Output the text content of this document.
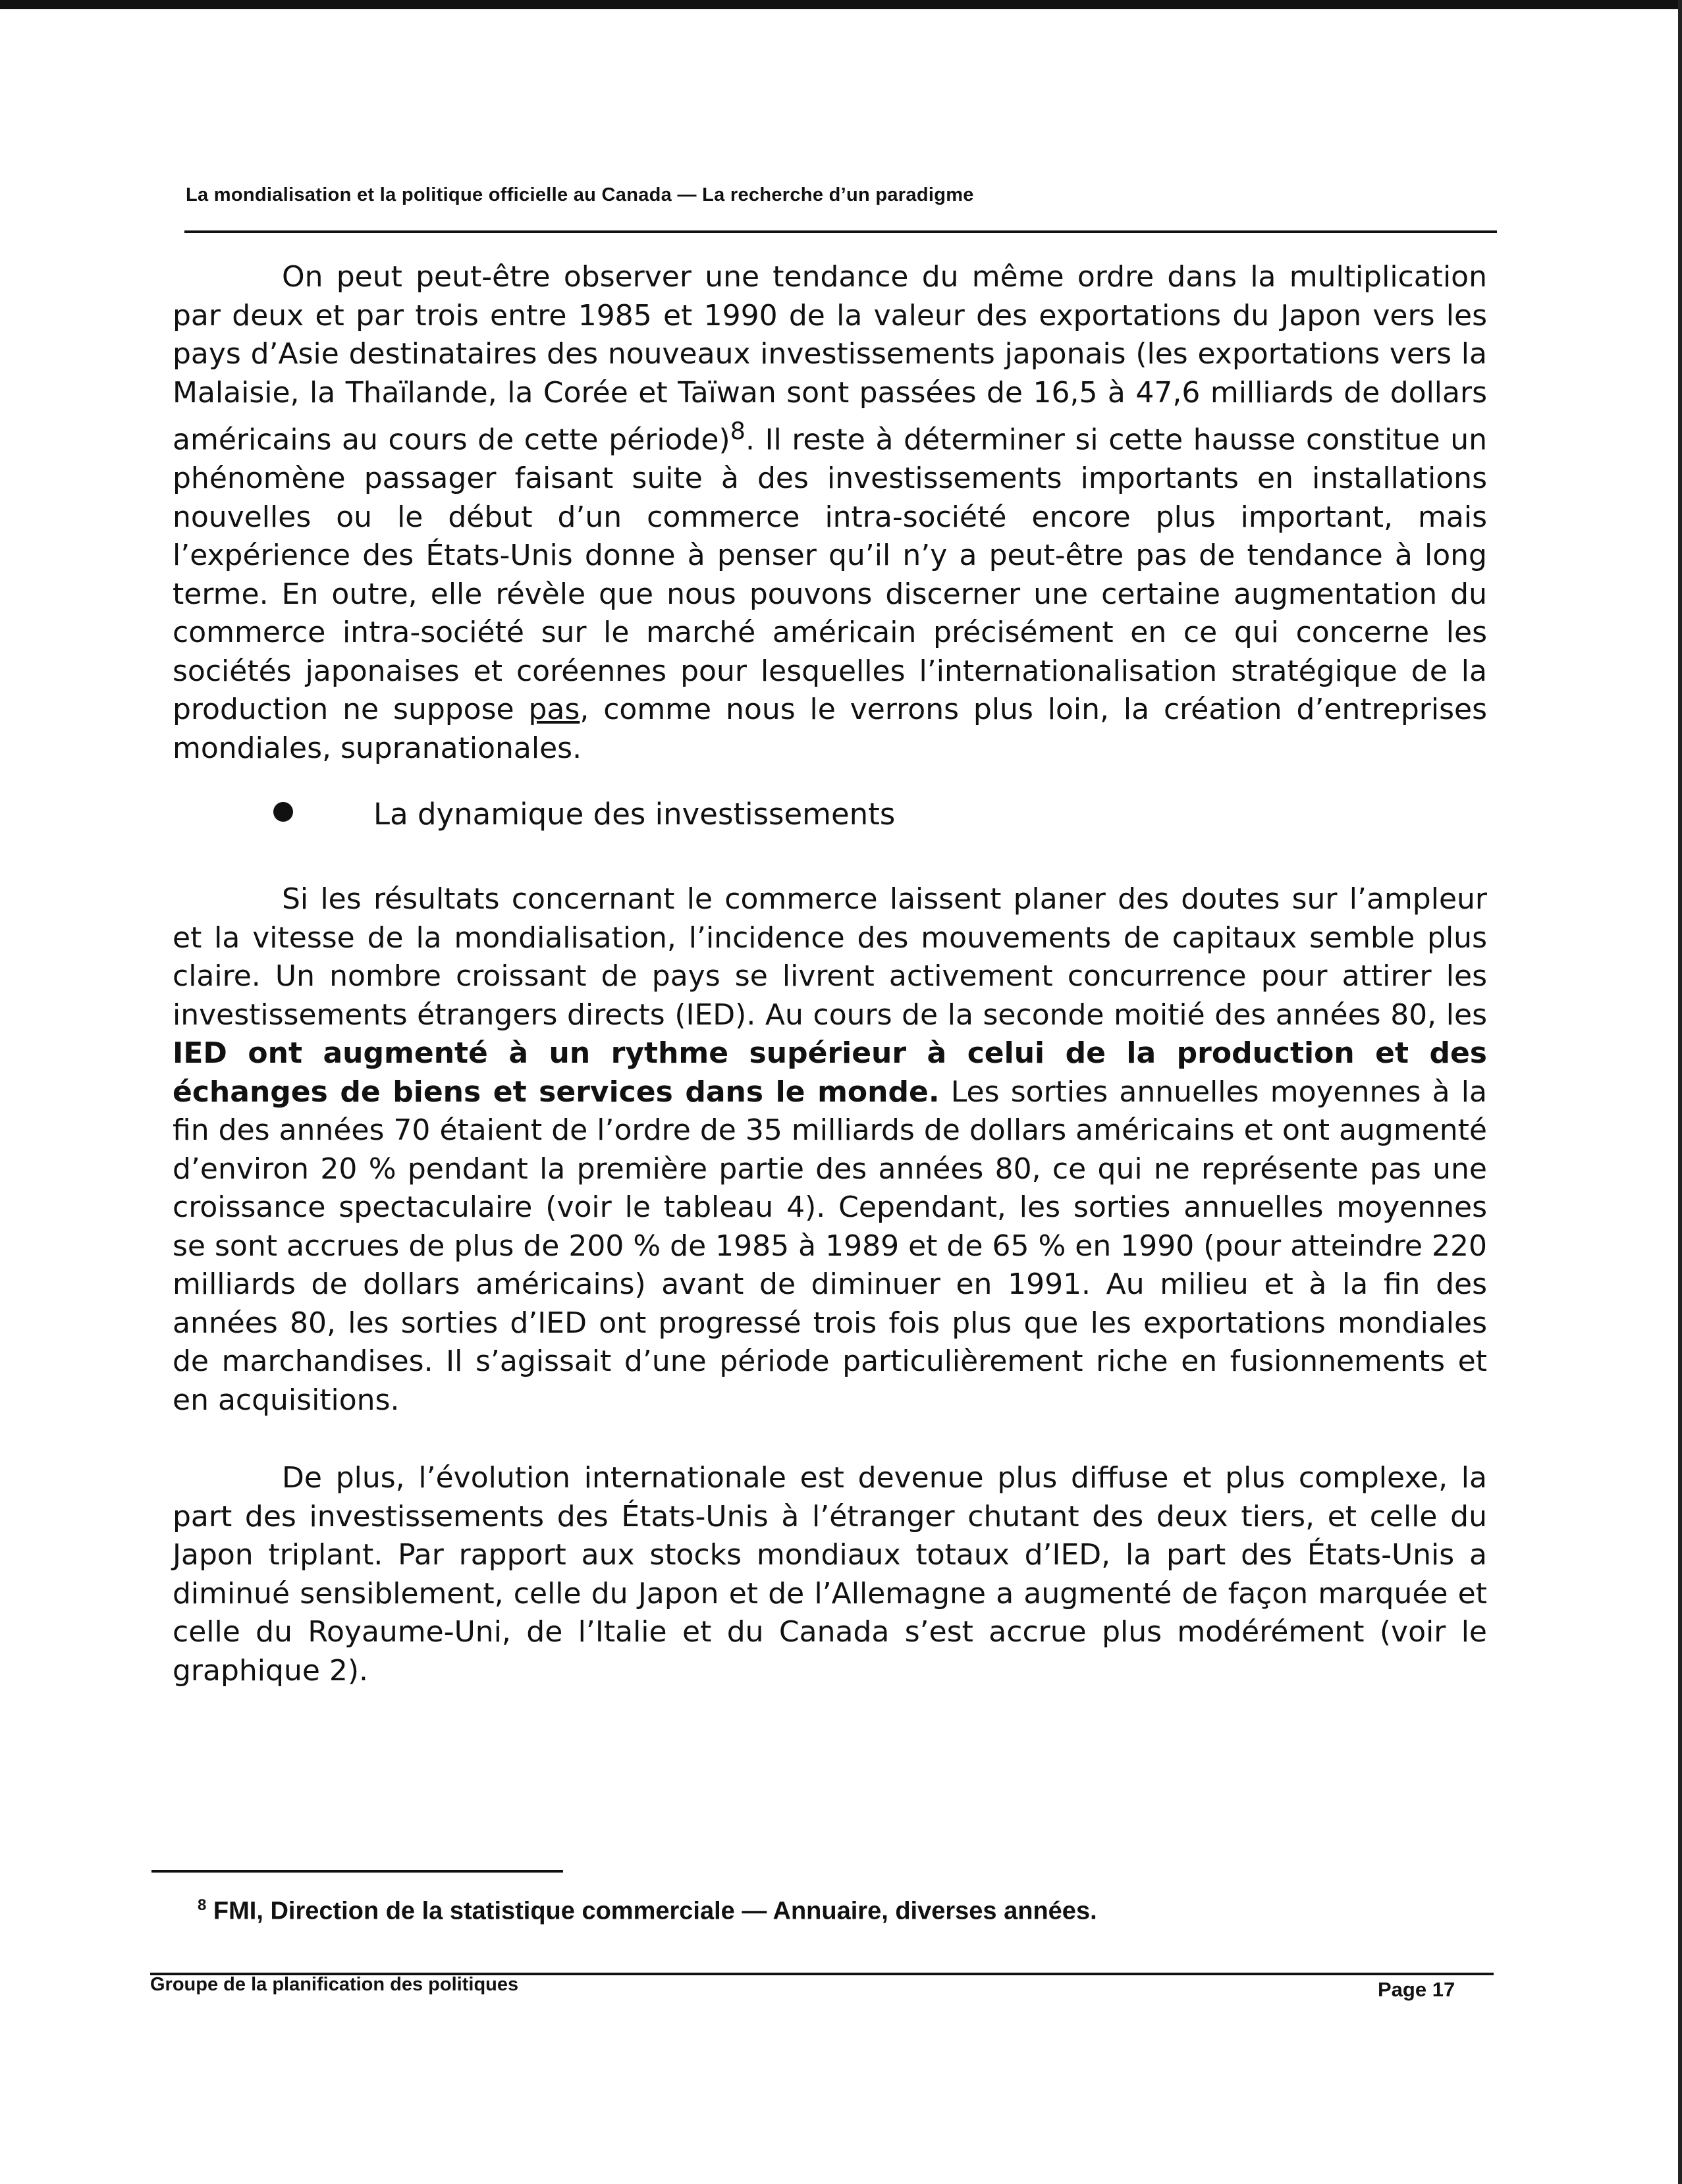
La mondialisation et la politique officielle au Canada — La recherche d’un paradigme

On peut peut-être observer une tendance du même ordre dans la multiplication par deux et par trois entre 1985 et 1990 de la valeur des exportations du Japon vers les pays d’Asie destinataires des nouveaux investissements japonais (les exportations vers la Malaisie, la Thaïlande, la Corée et Taïwan sont passées de 16,5 à 47,6 milliards de dollars américains au cours de cette période)$^8$. Il reste à déterminer si cette hausse constitue un phénomène passager faisant suite à des investissements importants en installations nouvelles ou le début d’un commerce intra-société encore plus important, mais l’expérience des États-Unis donne à penser qu’il n’y a peut-être pas de tendance à long terme. En outre, elle révèle que nous pouvons discerner une certaine augmentation du commerce intra-société sur le marché américain précisément en ce qui concerne les sociétés japonaises et coréennes pour lesquelles l’internationalisation stratégique de la production ne suppose pas, comme nous le verrons plus loin, la création d’entreprises mondiales, supranationales.

La dynamique des investissements

Si les résultats concernant le commerce laissent planer des doutes sur l’ampleur et la vitesse de la mondialisation, l’incidence des mouvements de capitaux semble plus claire. Un nombre croissant de pays se livrent activement concurrence pour attirer les investissements étrangers directs (IED). Au cours de la seconde moitié des années 80, les IED ont augmenté à un rythme supérieur à celui de la production et des échanges de biens et services dans le monde. Les sorties annuelles moyennes à la fin des années 70 étaient de l’ordre de 35 milliards de dollars américains et ont augmenté d’environ 20 % pendant la première partie des années 80, ce qui ne représente pas une croissance spectaculaire (voir le tableau 4). Cependant, les sorties annuelles moyennes se sont accrues de plus de 200 % de 1985 à 1989 et de 65 % en 1990 (pour atteindre 220 milliards de dollars américains) avant de diminuer en 1991. Au milieu et à la fin des années 80, les sorties d’IED ont progressé trois fois plus que les exportations mondiales de marchandises. Il s’agissait d’une période particulièrement riche en fusionnements et en acquisitions.

De plus, l’évolution internationale est devenue plus diffuse et plus complexe, la part des investissements des États-Unis à l’étranger chutant des deux tiers, et celle du Japon triplant. Par rapport aux stocks mondiaux totaux d’IED, la part des États-Unis a diminué sensiblement, celle du Japon et de l’Allemagne a augmenté de façon marquée et celle du Royaume-Uni, de l’Italie et du Canada s’est accrue plus modérément (voir le graphique 2).

$^8$ FMI, Direction de la statistique commerciale — Annuaire, diverses années.
Groupe de la planification des politiques	Page 17
